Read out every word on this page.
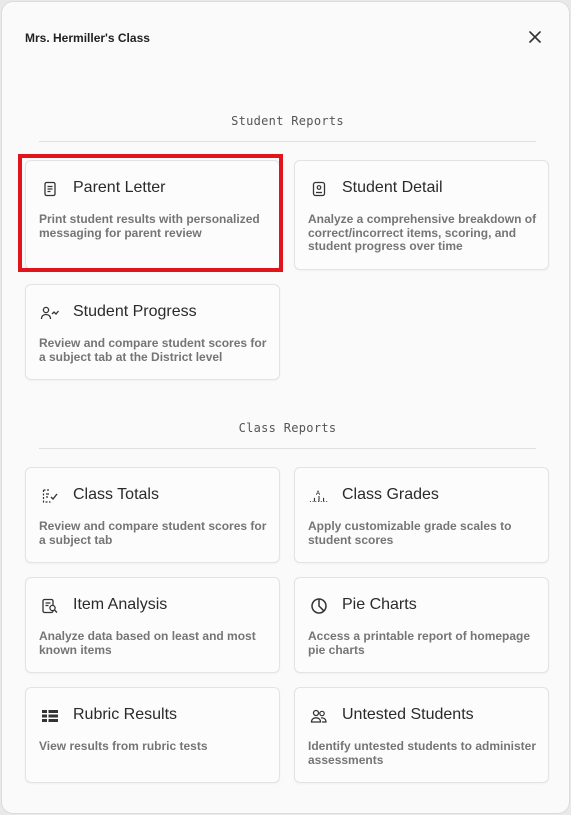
Mrs. Hermiller's Class
Student Reports
Parent Letter
Print student results with personalized messaging for parent review
Student Detail
Analyze a comprehensive breakdown of correct/incorrect items, scoring, and student progress over time
Student Progress
Review and compare student scores for a subject tab at the District level
Class Reports
Class Totals
Review and compare student scores for a subject tab
A Class Grades
Apply customizable grade scales to student scores
Item Analysis
Analyze data based on least and most known items
Pie Charts
Access a printable report of homepage pie charts
Rubric Results
View results from rubric tests
Untested Students
Identify untested students to administer assessments
